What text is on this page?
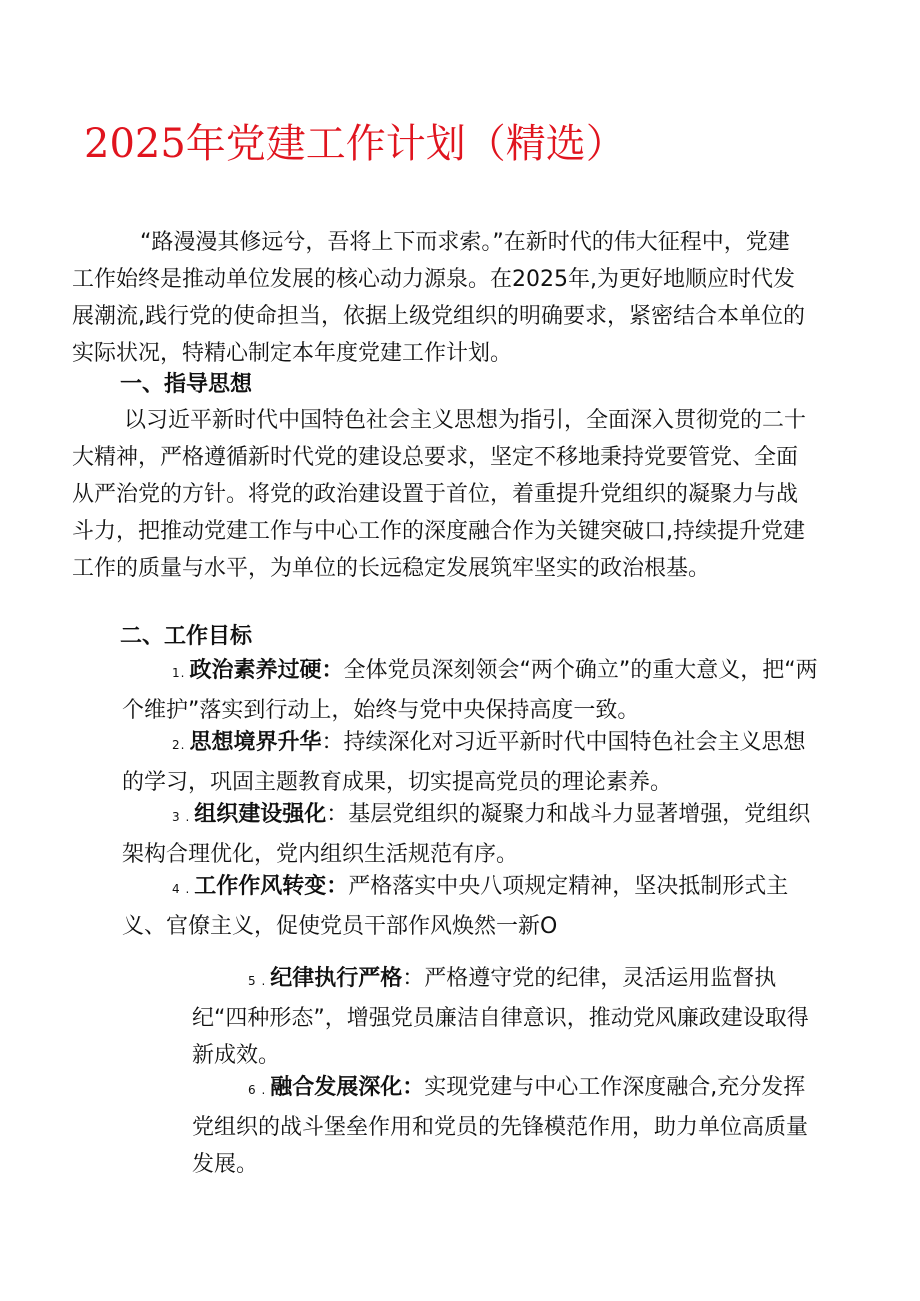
2025年党建工作计划（精选）

“路漫漫其修远兮，吾将上下而求索。”在新时代的伟大征程中，党建工作始终是推动单位发展的核心动力源泉。在2025年,为更好地顺应时代发展潮流,践行党的使命担当，依据上级党组织的明确要求，紧密结合本单位的实际状况，特精心制定本年度党建工作计划。

一、指导思想

以习近平新时代中国特色社会主义思想为指引，全面深入贯彻党的二十大精神，严格遵循新时代党的建设总要求，坚定不移地秉持党要管党、全面从严治党的方针。将党的政治建设置于首位，着重提升党组织的凝聚力与战斗力，把推动党建工作与中心工作的深度融合作为关键突破口,持续提升党建工作的质量与水平，为单位的长远稳定发展筑牢坚实的政治根基。

二、工作目标

1. 政治素养过硬：全体党员深刻领会“两个确立”的重大意义，把“两个维护”落实到行动上，始终与党中央保持高度一致。

2. 思想境界升华：持续深化对习近平新时代中国特色社会主义思想的学习，巩固主题教育成果，切实提高党员的理论素养。

3 . 组织建设强化：基层党组织的凝聚力和战斗力显著增强，党组织架构合理优化，党内组织生活规范有序。

4 . 工作作风转变：严格落实中央八项规定精神，坚决抵制形式主义、官僚主义，促使党员干部作风焕然一新O

5 . 纪律执行严格：严格遵守党的纪律，灵活运用监督执纪“四种形态”，增强党员廉洁自律意识，推动党风廉政建设取得新成效。

6 . 融合发展深化：实现党建与中心工作深度融合,充分发挥党组织的战斗堡垒作用和党员的先锋模范作用，助力单位高质量发展。
